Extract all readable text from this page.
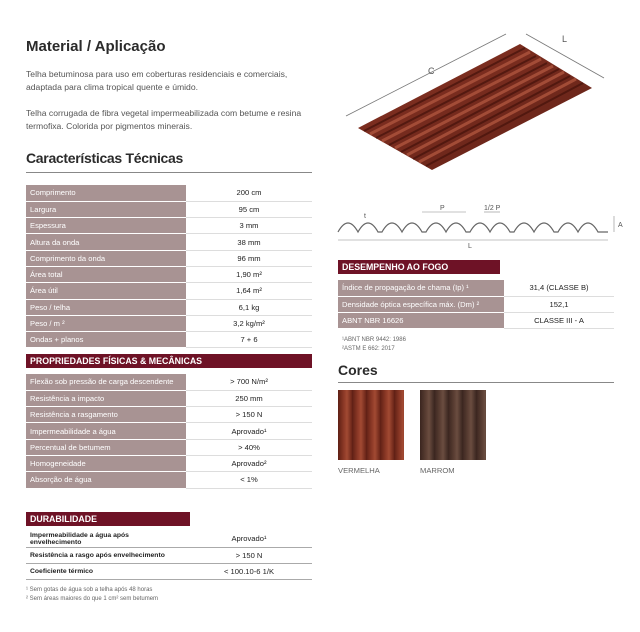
Material / Aplicação
Telha betuminosa para uso em coberturas residenciais e comerciais, adaptada para clima tropical quente e úmido.
Telha corrugada de fibra vegetal impermeabilizada com betume e resina termofixa. Colorida por pigmentos minerais.
Características Técnicas
Comprimento	200 cm
Largura	95 cm
Espessura	3 mm
Altura da onda	38 mm
Comprimento da onda	96 mm
Área total	1,90 m²
Área útil	1,64 m²
Peso / telha	6,1 kg
Peso / m ²	3,2 kg/m²
Ondas + planos	7 + 6
PROPRIEDADES FÍSICAS & MECÂNICAS
Flexão sob pressão de carga descendente	> 700 N/m²
Resistência a impacto	250 mm
Resistência a rasgamento	> 150 N
Impermeabilidade a água	Aprovado¹
Percentual de betumem	> 40%
Homogeneidade	Aprovado²
Absorção de água	< 1%
DURABILIDADE
Impermeabilidade a água após envelhecimento	Aprovado¹
Resistência a rasgo após envelhecimento	> 150 N
Coeficiente térmico	< 100.10-6 1/K
¹ Sem gotas de água sob a telha após 48 horas
² Sem áreas maiores do que 1 cm² sem betumem
C
L
t
P	1/2 P
A
L
DESEMPENHO AO FOGO
Índice de propagação de chama (Ip) ¹	31,4 (CLASSE B)
Densidade óptica específica máx. (Dm) ²	152,1
ABNT NBR 16626	CLASSE III - A
¹ABNT NBR 9442: 1986
²ASTM E 662: 2017
Cores
VERMELHA	MARROM
